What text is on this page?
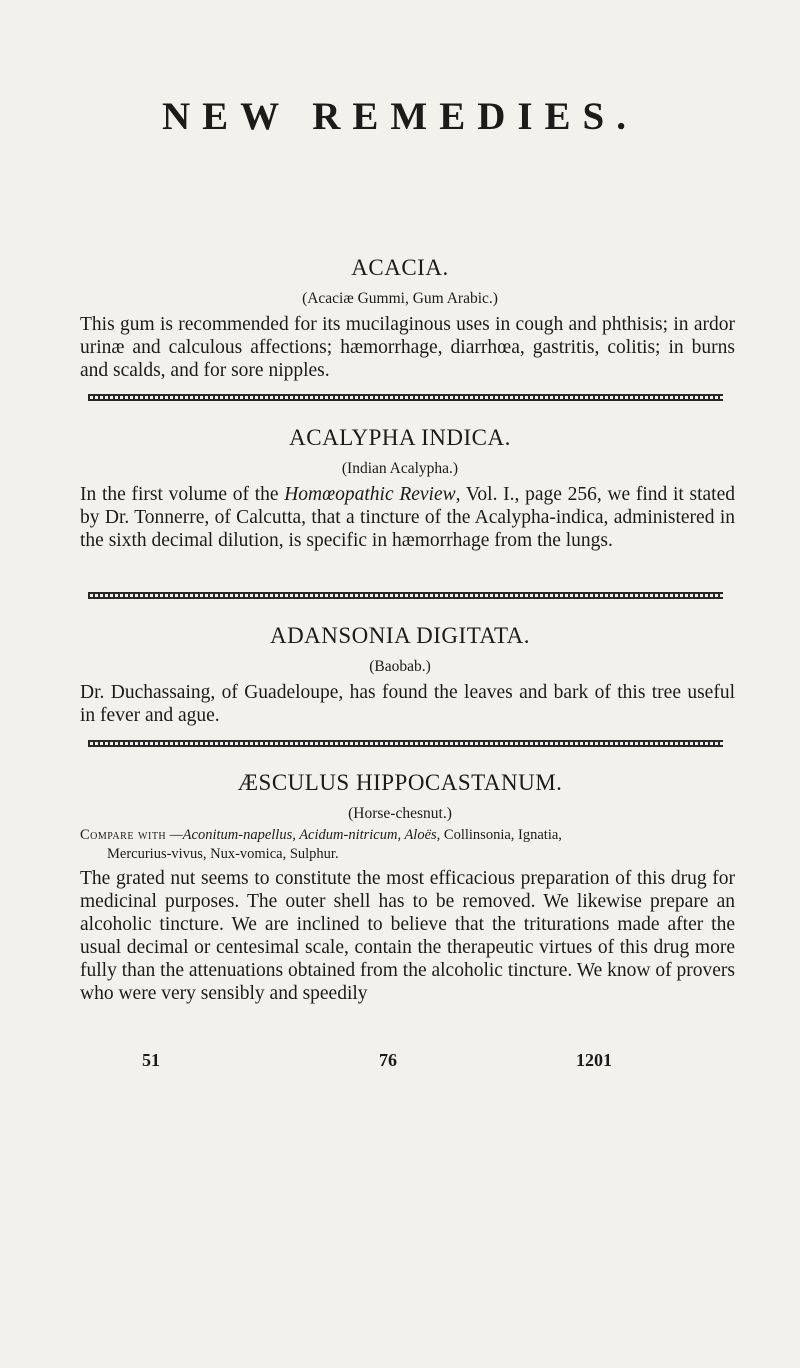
NEW REMEDIES.
ACACIA.
(Acaciæ Gummi, Gum Arabic.)
This gum is recommended for its mucilaginous uses in cough and phthisis; in ardor urinæ and calculous affections; hæmorrhage, diarrhœa, gastritis, colitis; in burns and scalds, and for sore nipples.
ACALYPHA INDICA.
(Indian Acalypha.)
In the first volume of the Homœopathic Review, Vol. I., page 256, we find it stated by Dr. Tonnerre, of Calcutta, that a tincture of the Acalypha-indica, administered in the sixth decimal dilution, is specific in hæmorrhage from the lungs.
ADANSONIA DIGITATA.
(Baobab.)
Dr. Duchassaing, of Guadeloupe, has found the leaves and bark of this tree useful in fever and ague.
ÆSCULUS HIPPOCASTANUM.
(Horse-chesnut.)
Compare with —Aconitum-napellus, Acidum-nitricum, Aloës, Collinsonia, Ignatia,
Mercurius-vivus, Nux-vomica, Sulphur.
The grated nut seems to constitute the most efficacious preparation of this drug for medicinal purposes. The outer shell has to be removed. We likewise prepare an alcoholic tincture. We are inclined to believe that the triturations made after the usual decimal or centesimal scale, contain the therapeutic virtues of this drug more fully than the attenuations obtained from the alcoholic tincture. We know of provers who were very sensibly and speedily
51	76	1201
